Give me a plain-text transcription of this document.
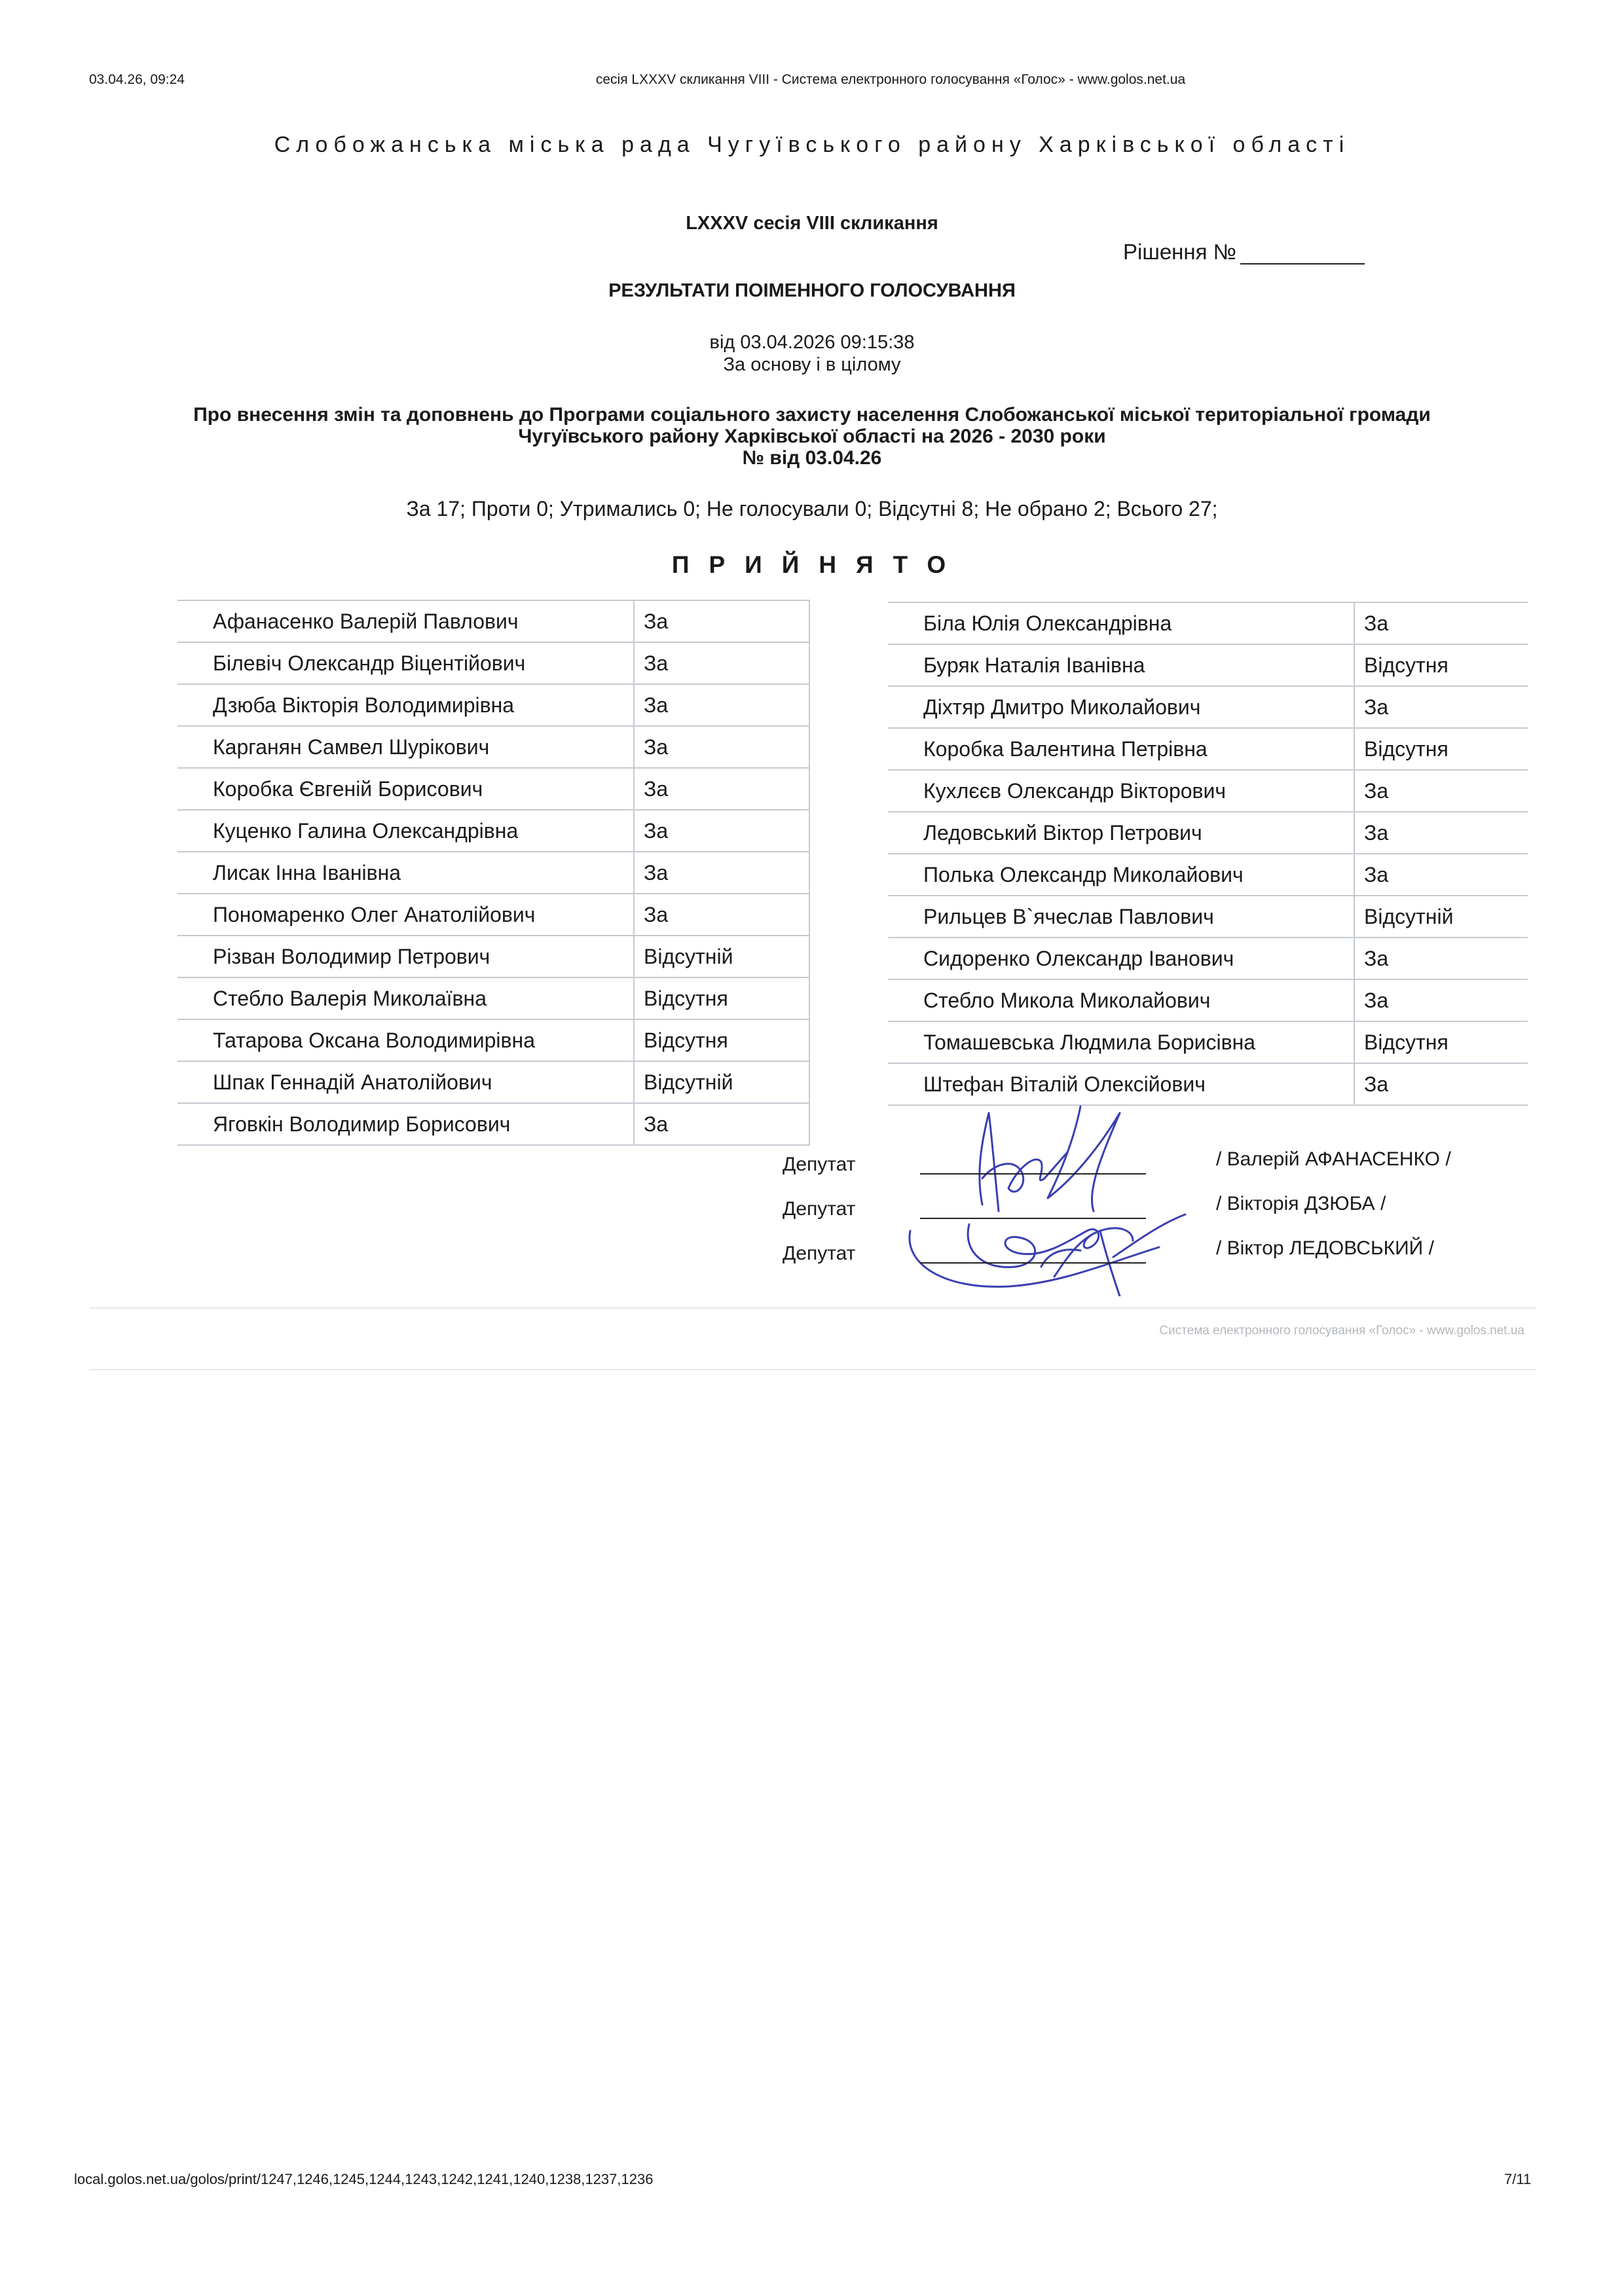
03.04.26, 09:24	сесія LXXXV скликання VIII - Система електронного голосування «Голос» - www.golos.net.ua
Слобожанська міська рада Чугуївського району Харківської області
LXXXV сесія VIII скликання
Рішення №
РЕЗУЛЬТАТИ ПОІМЕННОГО ГОЛОСУВАННЯ
від 03.04.2026 09:15:38
За основу і в цілому
Про внесення змін та доповнень до Програми соціального захисту населення Слобожанської міської територіальної громади
Чугуївського району Харківської області на 2026 - 2030 роки
№ від 03.04.26
За 17; Проти 0; Утримались 0; Не голосували 0; Відсутні 8; Не обрано 2; Всього 27;
ПРИЙНЯТО
Афанасенко Валерій Павлович	За
Білевіч Олександр Віцентійович	За
Дзюба Вікторія Володимирівна	За
Карганян Самвел Шурікович	За
Коробка Євгеній Борисович	За
Куценко Галина Олександрівна	За
Лисак Інна Іванівна	За
Пономаренко Олег Анатолійович	За
Різван Володимир Петрович	Відсутній
Стебло Валерія Миколаївна	Відсутня
Татарова Оксана Володимирівна	Відсутня
Шпак Геннадій Анатолійович	Відсутній
Яговкін Володимир Борисович	За
Біла Юлія Олександрівна	За
Буряк Наталія Іванівна	Відсутня
Діхтяр Дмитро Миколайович	За
Коробка Валентина Петрівна	Відсутня
Кухлєєв Олександр Вікторович	За
Ледовський Віктор Петрович	За
Полька Олександр Миколайович	За
Рильцев В`ячеслав Павлович	Відсутній
Сидоренко Олександр Іванович	За
Стебло Микола Миколайович	За
Томашевська Людмила Борисівна	Відсутня
Штефан Віталій Олексійович	За
Депутат	/ Валерій АФАНАСЕНКО /
Депутат	/ Вікторія ДЗЮБА /
Депутат	/ Віктор ЛЕДОВСЬКИЙ /
Система електронного голосування «Голос» - www.golos.net.ua
local.golos.net.ua/golos/print/1247,1246,1245,1244,1243,1242,1241,1240,1238,1237,1236	7/11
